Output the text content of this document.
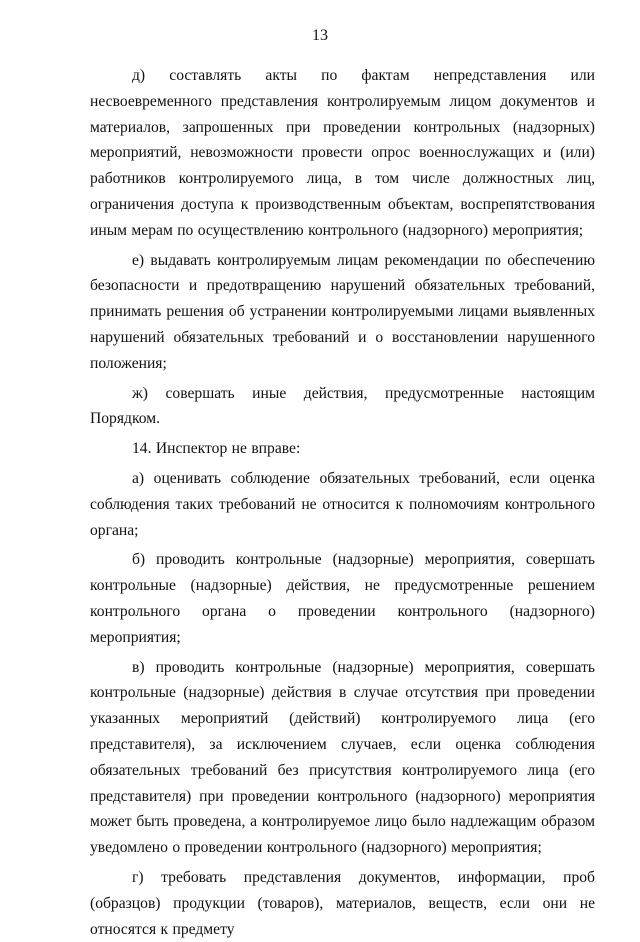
13

д) составлять акты по фактам непредставления или несвоевременного представления контролируемым лицом документов и материалов, запрошенных при проведении контрольных (надзорных) мероприятий, невозможности провести опрос военнослужащих и (или) работников контролируемого лица, в том числе должностных лиц, ограничения доступа к производственным объектам, воспрепятствования иным мерам по осуществлению контрольного (надзорного) мероприятия;

е) выдавать контролируемым лицам рекомендации по обеспечению безопасности и предотвращению нарушений обязательных требований, принимать решения об устранении контролируемыми лицами выявленных нарушений обязательных требований и о восстановлении нарушенного положения;

ж) совершать иные действия, предусмотренные настоящим Порядком.

14. Инспектор не вправе:

а) оценивать соблюдение обязательных требований, если оценка соблюдения таких требований не относится к полномочиям контрольного органа;

б) проводить контрольные (надзорные) мероприятия, совершать контрольные (надзорные) действия, не предусмотренные решением контрольного органа о проведении контрольного (надзорного) мероприятия;

в) проводить контрольные (надзорные) мероприятия, совершать контрольные (надзорные) действия в случае отсутствия при проведении указанных мероприятий (действий) контролируемого лица (его представителя), за исключением случаев, если оценка соблюдения обязательных требований без присутствия контролируемого лица (его представителя) при проведении контрольного (надзорного) мероприятия может быть проведена, а контролируемое лицо было надлежащим образом уведомлено о проведении контрольного (надзорного) мероприятия;

г) требовать представления документов, информации, проб (образцов) продукции (товаров), материалов, веществ, если они не относятся к предмету
